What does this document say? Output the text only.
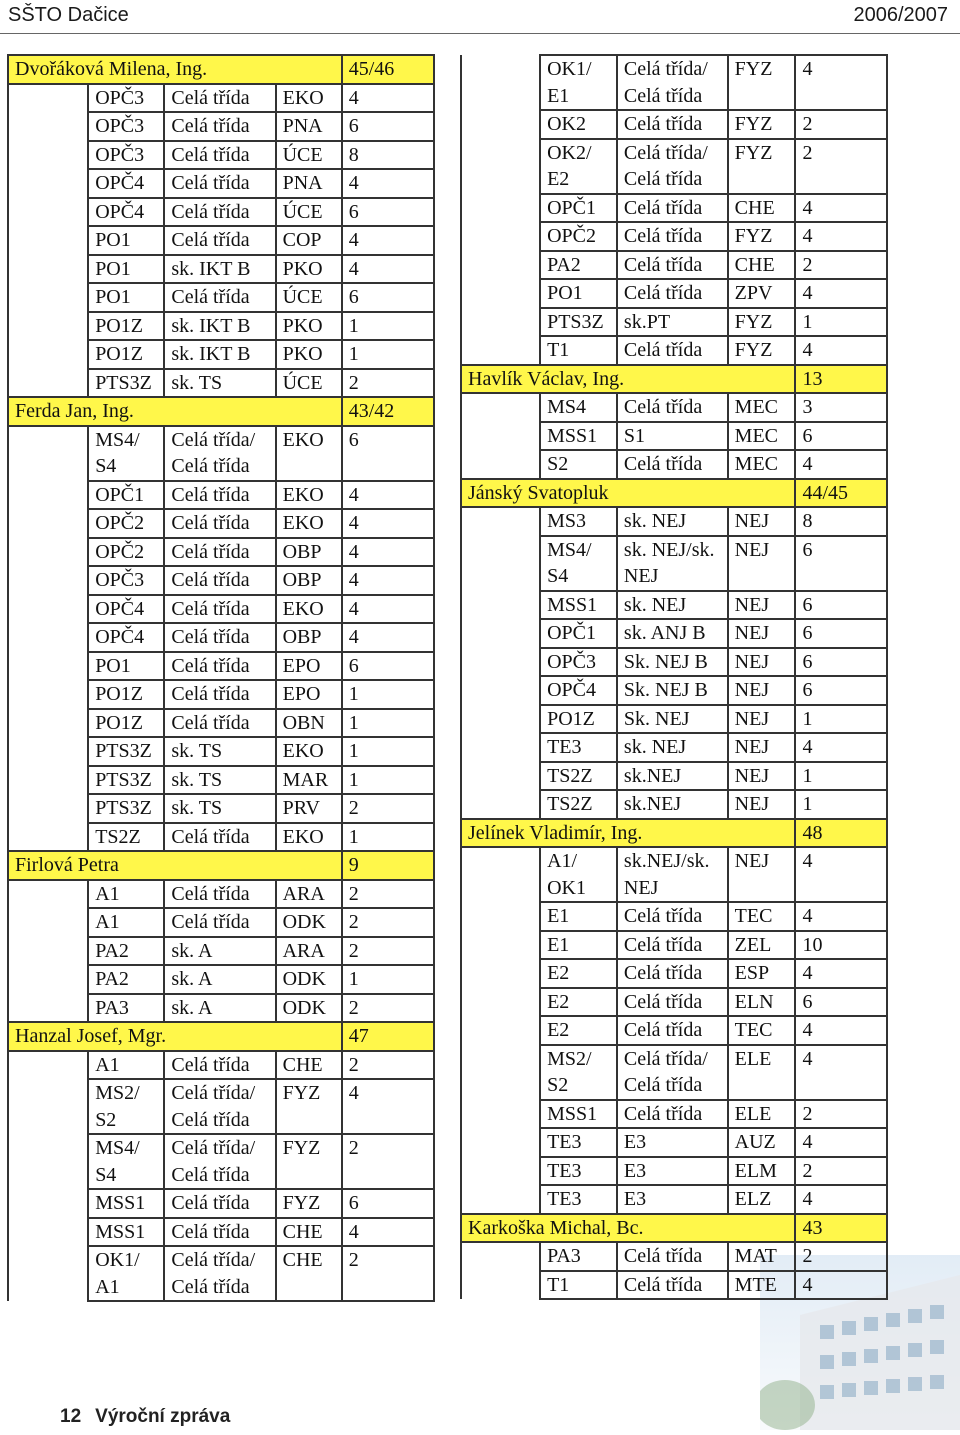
SŠTO Dačice	2006/2007
Dvořáková Milena, Ing.				45/46
	OPČ3	Celá třída	EKO	4
	OPČ3	Celá třída	PNA	6
	OPČ3	Celá třída	ÚCE	8
	OPČ4	Celá třída	PNA	4
	OPČ4	Celá třída	ÚCE	6
	PO1	Celá třída	COP	4
	PO1	sk. IKT B	PKO	4
	PO1	Celá třída	ÚCE	6
	PO1Z	sk. IKT B	PKO	1
	PO1Z	sk. IKT B	PKO	1
	PTS3Z	sk. TS	ÚCE	2
Ferda Jan, Ing.				43/42
	MS4/ S4	Celá třída/ Celá třída	EKO	6
	OPČ1	Celá třída	EKO	4
	OPČ2	Celá třída	EKO	4
	OPČ2	Celá třída	OBP	4
	OPČ3	Celá třída	OBP	4
	OPČ4	Celá třída	EKO	4
	OPČ4	Celá třída	OBP	4
	PO1	Celá třída	EPO	6
	PO1Z	Celá třída	EPO	1
	PO1Z	Celá třída	OBN	1
	PTS3Z	sk. TS	EKO	1
	PTS3Z	sk. TS	MAR	1
	PTS3Z	sk. TS	PRV	2
	TS2Z	Celá třída	EKO	1
Firlová Petra				9
	A1	Celá třída	ARA	2
	A1	Celá třída	ODK	2
	PA2	sk. A	ARA	2
	PA2	sk. A	ODK	1
	PA3	sk. A	ODK	2
Hanzal Josef, Mgr.				47
	A1	Celá třída	CHE	2
	MS2/ S2	Celá třída/ Celá třída	FYZ	4
	MS4/ S4	Celá třída/ Celá třída	FYZ	2
	MSS1	Celá třída	FYZ	6
	MSS1	Celá třída	CHE	4
	OK1/ A1	Celá třída/ Celá třída	CHE	2
	OK1/ E1	Celá třída/ Celá třída	FYZ	4
	OK2	Celá třída	FYZ	2
	OK2/ E2	Celá třída/ Celá třída	FYZ	2
	OPČ1	Celá třída	CHE	4
	OPČ2	Celá třída	FYZ	4
	PA2	Celá třída	CHE	2
	PO1	Celá třída	ZPV	4
	PTS3Z	sk.PT	FYZ	1
	T1	Celá třída	FYZ	4
Havlík Václav, Ing.				13
	MS4	Celá třída	MEC	3
	MSS1	S1	MEC	6
	S2	Celá třída	MEC	4
Jánský Svatopluk				44/45
	MS3	sk. NEJ	NEJ	8
	MS4/ S4	sk. NEJ/sk. NEJ	NEJ	6
	MSS1	sk. NEJ	NEJ	6
	OPČ1	sk. ANJ B	NEJ	6
	OPČ3	Sk. NEJ B	NEJ	6
	OPČ4	Sk. NEJ B	NEJ	6
	PO1Z	Sk. NEJ	NEJ	1
	TE3	sk. NEJ	NEJ	4
	TS2Z	sk.NEJ	NEJ	1
	TS2Z	sk.NEJ	NEJ	1
Jelínek Vladimír, Ing.				48
	A1/ OK1	sk.NEJ/sk. NEJ	NEJ	4
	E1	Celá třída	TEC	4
	E1	Celá třída	ZEL	10
	E2	Celá třída	ESP	4
	E2	Celá třída	ELN	6
	E2	Celá třída	TEC	4
	MS2/ S2	Celá třída/ Celá třída	ELE	4
	MSS1	Celá třída	ELE	2
	TE3	E3	AUZ	4
	TE3	E3	ELM	2
	TE3	E3	ELZ	4
Karkoška Michal, Bc.				43
	PA3	Celá třída	MAT	2
	T1	Celá třída	MTE	4
12 Výroční zpráva
